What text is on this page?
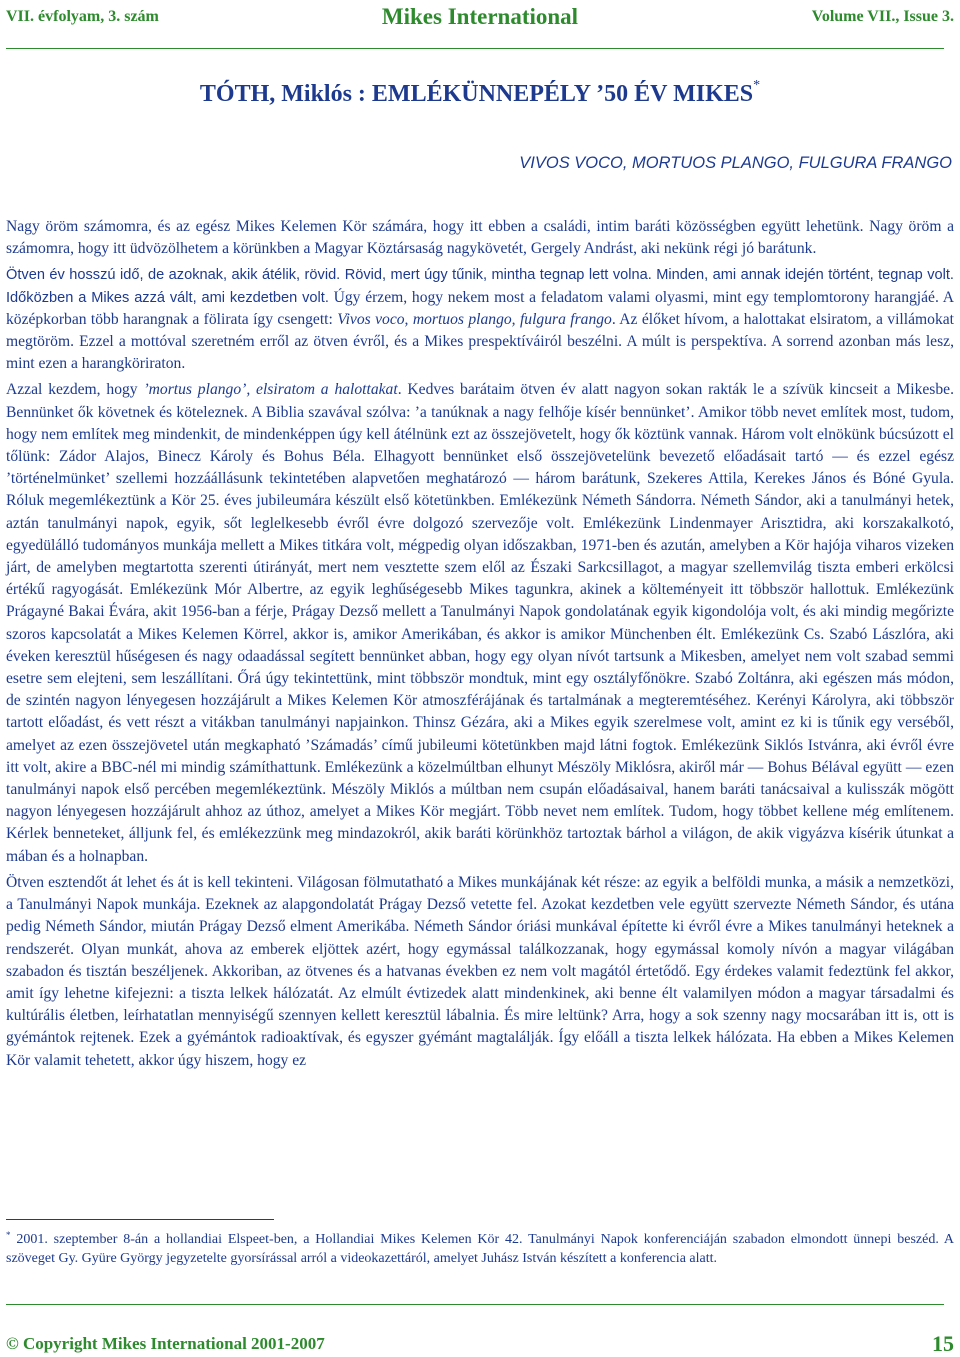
VII. évfolyam, 3. szám	Mikes International	Volume VII., Issue 3.
TÓTH, Miklós : EMLÉKÜNNEPÉLY ’50 ÉV MIKES*
VIVOS VOCO, MORTUOS PLANGO, FULGURA FRANGO

Nagy öröm számomra, és az egész Mikes Kelemen Kör számára, hogy itt ebben a családi, intim baráti közösségben együtt lehetünk. Nagy öröm a számomra, hogy itt üdvözölhetem a körünkben a Magyar Köztársaság nagykövetét, Gergely Andrást, aki nekünk régi jó barátunk.

Ötven év hosszú idő, de azoknak, akik átélik, rövid. Rövid, mert úgy tűnik, mintha tegnap lett volna. Minden, ami annak idején történt, tegnap volt. Időközben a Mikes azzá vált, ami kezdetben volt. Úgy érzem, hogy nekem most a feladatom valami olyasmi, mint egy templomtorony harangjáé. A középkorban több harangnak a fölirata így csengett: Vivos voco, mortuos plango, fulgura frango. Az élőket hívom, a halottakat elsiratom, a villámokat megtöröm. Ezzel a mottóval szeretném erről az ötven évről, és a Mikes prespektíváiról beszélni. A múlt is perspektíva. A sorrend azonban más lesz, mint ezen a harangköriraton.

Azzal kezdem, hogy ’mortus plango’, elsiratom a halottakat. Kedves barátaim ötven év alatt nagyon sokan rakták le a szívük kincseit a Mikesbe. Bennünket ők követnek és köteleznek. A Biblia szavával szólva: ’a tanúknak a nagy felhője kísér bennünket’. Amikor több nevet említek most, tudom, hogy nem említek meg mindenkit, de mindenképpen úgy kell átélnünk ezt az összejövetelt, hogy ők köztünk vannak. Három volt elnökünk búcsúzott el tőlünk: Zádor Alajos, Binecz Károly és Bohus Béla. Elhagyott bennünket első összejövetelünk bevezető előadásait tartó — és ezzel egész ’történelmünket’ szellemi hozzáállásunk tekintetében alapvetően meghatározó — három barátunk, Szekeres Attila, Kerekes János és Bóné Gyula. Róluk megemlékeztünk a Kör 25. éves jubileumára készült első kötetünkben. Emlékezünk Németh Sándorra. Németh Sándor, aki a tanulmányi hetek, aztán tanulmányi napok, egyik, sőt leglelkesebb évről évre dolgozó szervezője volt. Emlékezünk Lindenmayer Arisztidra, aki korszakalkotó, egyedülálló tudományos munkája mellett a Mikes titkára volt, mégpedig olyan időszakban, 1971-ben és azután, amelyben a Kör hajója viharos vizeken járt, de amelyben megtartotta szerenti útirányát, mert nem vesztette szem elől az Északi Sarkcsillagot, a magyar szellemvilág tiszta emberi erkölcsi értékű ragyogását. Emlékezünk Mór Albertre, az egyik leghűségesebb Mikes tagunkra, akinek a költeményeit itt többször hallottuk. Emlékezünk Prágayné Bakai Évára, akit 1956-ban a férje, Prágay Dezső mellett a Tanulmányi Napok gondolatának egyik kigondolója volt, és aki mindig megőrizte szoros kapcsolatát a Mikes Kelemen Körrel, akkor is, amikor Amerikában, és akkor is amikor Münchenben élt. Emlékezünk Cs. Szabó Lászlóra, aki éveken keresztül hűségesen és nagy odaadással segített bennünket abban, hogy egy olyan nívót tartsunk a Mikesben, amelyet nem volt szabad semmi esetre sem elejteni, sem leszállítani. Őrá úgy tekintettünk, mint többször mondtuk, mint egy osztályfőnökre. Szabó Zoltánra, aki egészen más módon, de szintén nagyon lényegesen hozzájárult a Mikes Kelemen Kör atmoszférájának és tartalmának a megteremtéséhez. Kerényi Károlyra, aki többször tartott előadást, és vett részt a vitákban tanulmányi napjainkon. Thinsz Gézára, aki a Mikes egyik szerelmese volt, amint ez ki is tűnik egy verséből, amelyet az ezen összejövetel után megkapható ’Számadás’ című jubileumi kötetünkben majd látni fogtok. Emlékezünk Siklós Istvánra, aki évről évre itt volt, akire a BBC-nél mi mindig számíthattunk. Emlékezünk a közelmúltban elhunyt Mészöly Miklósra, akiről már — Bohus Bélával együtt — ezen tanulmányi napok első percében megemlékeztünk. Mészöly Miklós a múltban nem csupán előadásaival, hanem baráti tanácsaival a kulisszák mögött nagyon lényegesen hozzájárult ahhoz az úthoz, amelyet a Mikes Kör megjárt. Több nevet nem említek. Tudom, hogy többet kellene még említenem. Kérlek benneteket, álljunk fel, és emlékezzünk meg mindazokról, akik baráti körünkhöz tartoztak bárhol a világon, de akik vigyázva kísérik útunkat a mában és a holnapban.

Ötven esztendőt át lehet és át is kell tekinteni. Világosan fölmutatható a Mikes munkájának két része: az egyik a belföldi munka, a másik a nemzetközi, a Tanulmányi Napok munkája. Ezeknek az alapgondolatát Prágay Dezső vetette fel. Azokat kezdetben vele együtt szervezte Németh Sándor, és utána pedig Németh Sándor, miután Prágay Dezső elment Amerikába. Németh Sándor óriási munkával építette ki évről évre a Mikes tanulmányi heteknek a rendszerét. Olyan munkát, ahova az emberek eljöttek azért, hogy egymással találkozzanak, hogy egymással komoly nívón a magyar világában szabadon és tisztán beszéljenek. Akkoriban, az ötvenes és a hatvanas években ez nem volt magától értetődő. Egy érdekes valamit fedeztünk fel akkor, amit így lehetne kifejezni: a tiszta lelkek hálózatát. Az elmúlt évtizedek alatt mindenkinek, aki benne élt valamilyen módon a magyar társadalmi és kultúrális életben, leírhatatlan mennyiségű szennyen kellett keresztül lábalnia. És mire leltünk? Arra, hogy a sok szenny nagy mocsarában itt is, ott is gyémántok rejtenek. Ezek a gyémántok radioaktívak, és egyszer gyémánt magtalálják. Így előáll a tiszta lelkek hálózata. Ha ebben a Mikes Kelemen Kör valamit tehetett, akkor úgy hiszem, hogy ez

* 2001. szeptember 8-án a hollandiai Elspeet-ben, a Hollandiai Mikes Kelemen Kör 42. Tanulmányi Napok konferenciáján szabadon elmondott ünnepi beszéd. A szöveget Gy. Gyüre György jegyzetelte gyorsírással arról a videokazettáról, amelyet Juhász István készített a konferencia alatt.
© Copyright Mikes International 2001-2007	15
